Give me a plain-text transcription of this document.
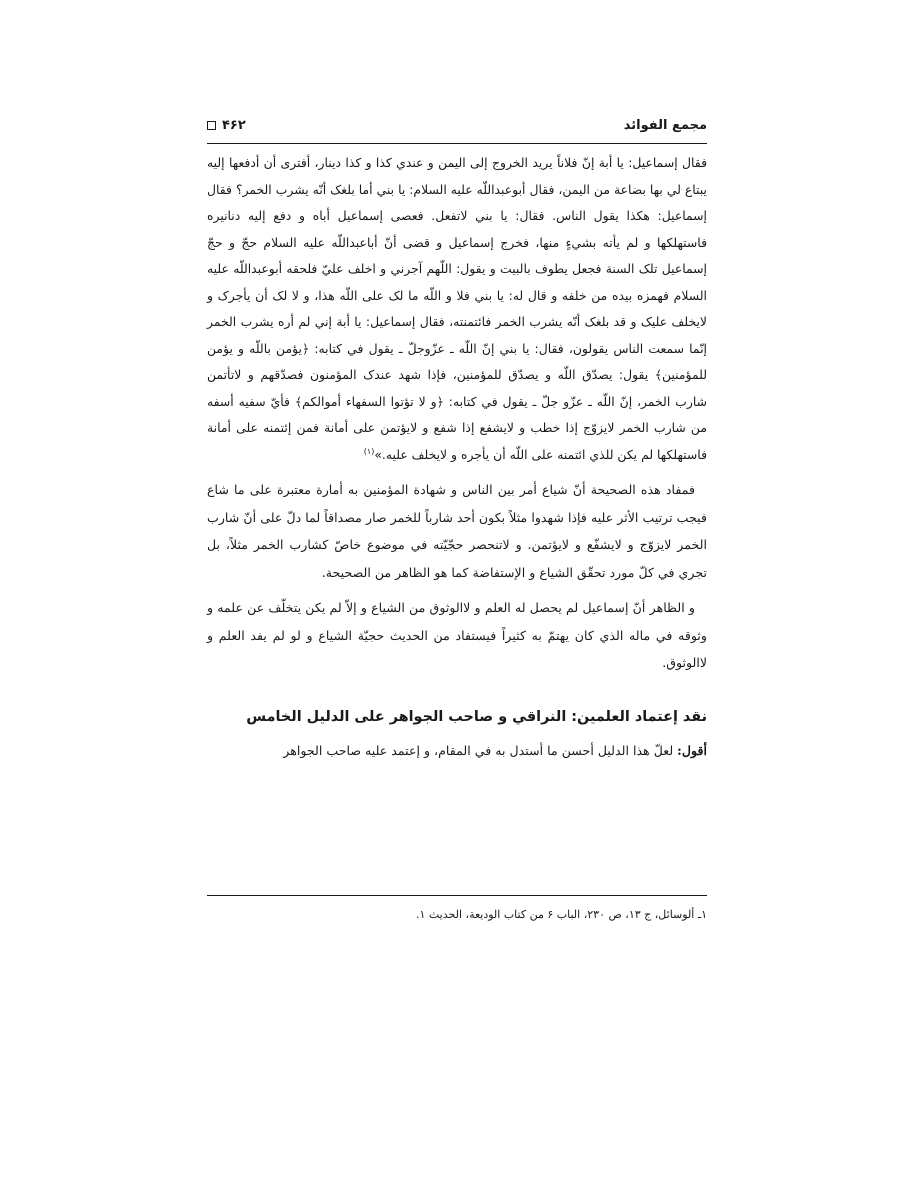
۴۶۲	مجمع الفوائد

فقال إسماعيل: يا أبة إنّ فلاناً يريد الخروج إلى اليمن و عندي كذا و كذا دينار، أفترى أن أدفعها إليه يبتاع لي بها بضاعة من اليمن، فقال أبوعبداللّه عليه السلام: يا بني أما بلغک أنّه يشرب الخمر؟ فقال إسماعيل: هكذا يقول الناس. فقال: يا بني لاتفعل. فعصى إسماعيل أباه و دفع إليه دنانيره فاستهلكها و لم يأته بشيءٍ منها، فخرج إسماعيل و قضى أنّ أباعبداللّه عليه السلام حجّ و حجّ إسماعيل تلک السنة فجعل يطوف بالبيت و يقول: اللّهم آجرني و اخلف عليّ فلحقه أبوعبداللّه عليه السلام فهمزه بيده من خلفه و قال له: يا بني فلا و اللّه ما لک على اللّه هذا، و لا لک أن يأجرک و لايخلف عليک و قد بلغک أنّه يشرب الخمر فائتمنته، فقال إسماعيل: يا أبة إني لم أره يشرب الخمر إنّما سمعت الناس يقولون، فقال: يا بني إنّ اللّه ـ عزّوجلّ ـ يقول في كتابه: ﴿يؤمن باللّه و يؤمن للمؤمنين﴾ يقول: يصدّق اللّه و يصدّق للمؤمنين، فإذا شهد عندک المؤمنون فصدّقهم و لاتأتمن شارب الخمر، إنّ اللّه ـ عزّو جلّ ـ يقول في كتابه: ﴿و لا تؤتوا السفهاء أموالكم﴾ فأيّ سفيه أسفه من شارب الخمر لايزوّج إذا خطب و لايشفع إذا شفع و لايؤتمن على أمانة فمن إئتمنه على أمانة فاستهلكها لم يكن للذي ائتمنه على اللّه أن يأجره و لايخلف عليه.»$^{(۱)}$

فمفاد هذه الصحيحة أنّ شياع أمر بين الناس و شهادة المؤمنين به أمارة معتبرة على ما شاع فيجب ترتيب الأثر عليه فإذا شهدوا مثلاً بكون أحد شارباً للخمر صار مصداقاً لما دلّ على أنّ شارب الخمر لايزوّج و لايشفّع و لايؤتمن. و لاتنحصر حجّيّته في موضوع خاصّ كشارب الخمر مثلاً، بل تجري في كلّ مورد تحقّق الشياع و الإستفاضة كما هو الظاهر من الصحيحة.

و الظاهر أنّ إسماعيل لم يحصل له العلم و لاالوثوق من الشياع و إلاّ لم يكن يتخلّف عن علمه و وثوقه في ماله الذي كان يهتمّ به كثيراً فيستفاد من الحديث حجيّة الشياع و لو لم يفد العلم و لاالوثوق.

نقد إعتماد العلمين: النراقي و صاحب الجواهر على الدليل الخامس

أقول: لعلّ هذا الدليل أحسن ما أستدل به في المقام، و إعتمد عليه صاحب الجواهر

۱ـ ألوسائل، ج ۱۳، ص ۲۳۰، الباب ۶ من كتاب الوديعة، الحديث ۱.
